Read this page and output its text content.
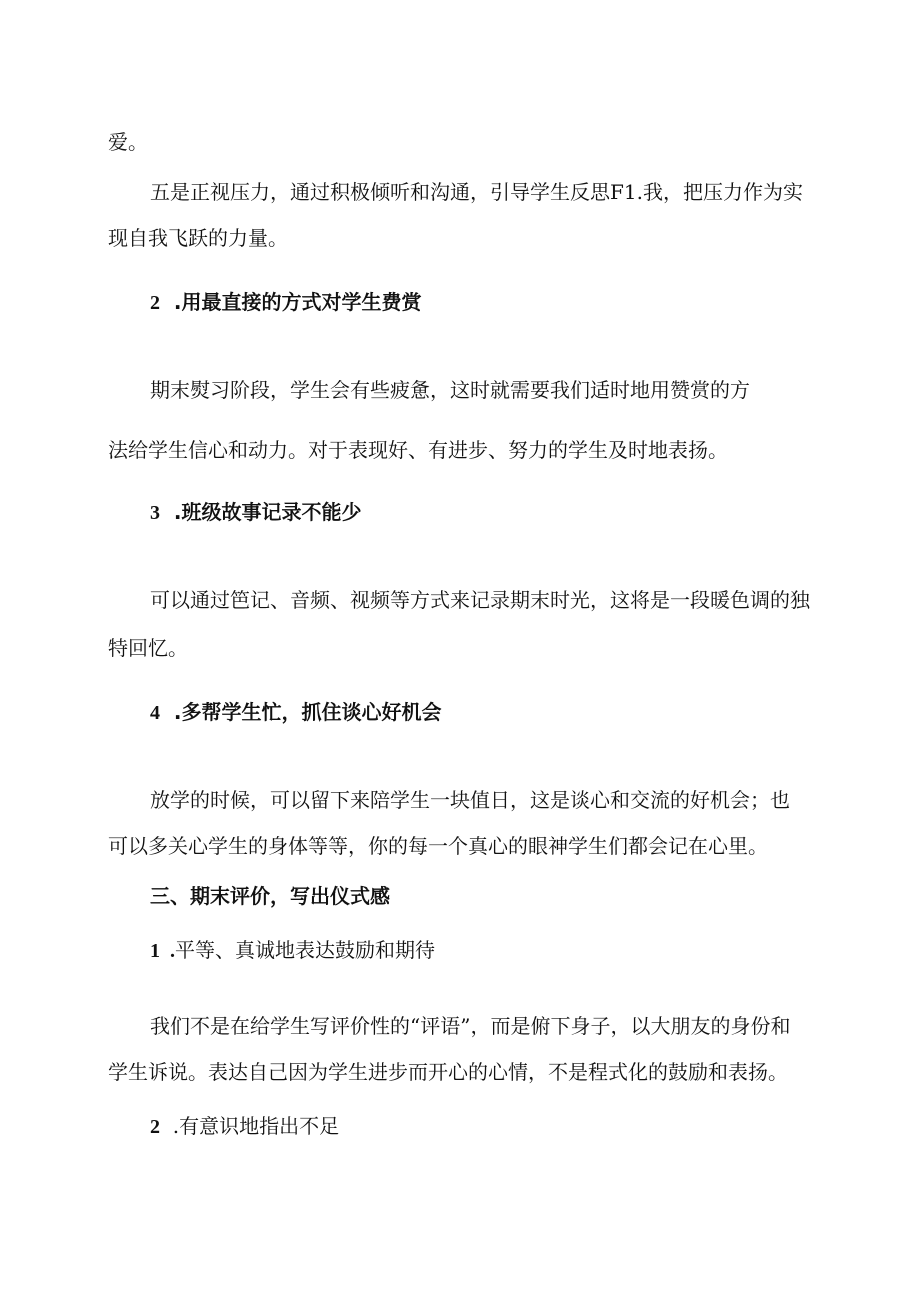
爱。

五是正视压力，通过积极倾听和沟通，引导学生反思F1.我，把压力作为实

现自我飞跃的力量。

2  .用最直接的方式对学生费赏

期末熨习阶段，学生会有些疲惫，这时就需要我们适时地用赞赏的方

法给学生信心和动力。对于表现好、有进步、努力的学生及时地表扬。

3  .班级故事记录不能少

可以通过笆记、音频、视频等方式来记录期末时光，这将是一段暖色调的独

特回忆。

4  .多帮学生忙，抓住谈心好机会

放学的时候，可以留下来陪学生一块值日，这是谈心和交流的好机会；也

可以多关心学生的身体等等，你的每一个真心的眼神学生们都会记在心里。

三、期末评价，写出仪式感

1  .平等、真诚地表达鼓励和期待

我们不是在给学生写评价性的“评语”，而是俯下身子，以大朋友的身份和

学生诉说。表达自己因为学生进步而开心的心情，不是程式化的鼓励和表扬。

2  .有意识地指出不足
